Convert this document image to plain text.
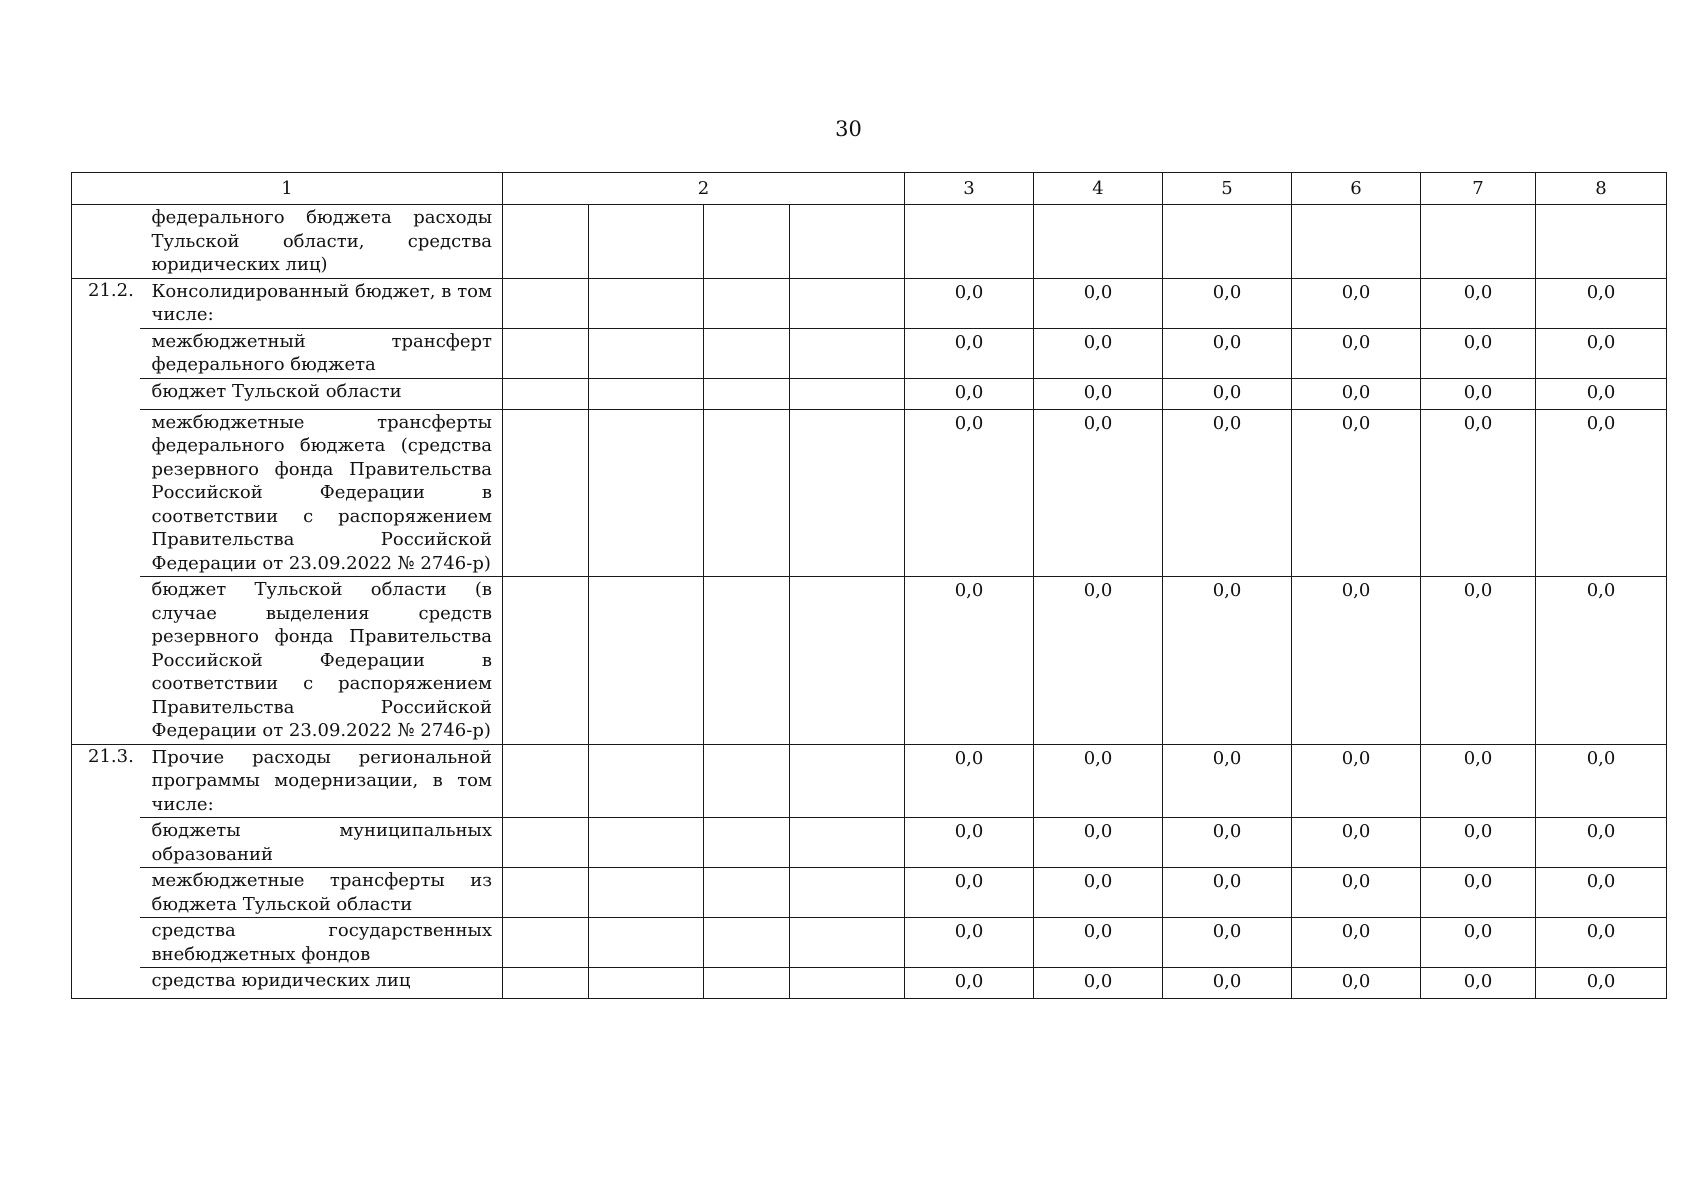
30
1		2				3	4	5	6	7	8
	федерального бюджета расходы Тульской области, средства юридических лиц)										
21.2.	Консолидированный бюджет, в том числе:					0,0	0,0	0,0	0,0	0,0	0,0
	межбюджетный трансферт федерального бюджета					0,0	0,0	0,0	0,0	0,0	0,0
	бюджет Тульской области					0,0	0,0	0,0	0,0	0,0	0,0
	межбюджетные трансферты федерального бюджета (средства резервного фонда Правительства Российской Федерации в соответствии с распоряжением Правительства Российской Федерации от 23.09.2022 № 2746-р)					0,0	0,0	0,0	0,0	0,0	0,0
	бюджет Тульской области (в случае выделения средств резервного фонда Правительства Российской Федерации в соответствии с распоряжением Правительства Российской Федерации от 23.09.2022 № 2746-р)					0,0	0,0	0,0	0,0	0,0	0,0
21.3.	Прочие расходы региональной программы модернизации, в том числе:					0,0	0,0	0,0	0,0	0,0	0,0
	бюджеты муниципальных образований					0,0	0,0	0,0	0,0	0,0	0,0
	межбюджетные трансферты из бюджета Тульской области					0,0	0,0	0,0	0,0	0,0	0,0
	средства государственных внебюджетных фондов					0,0	0,0	0,0	0,0	0,0	0,0
	средства юридических лиц					0,0	0,0	0,0	0,0	0,0	0,0
